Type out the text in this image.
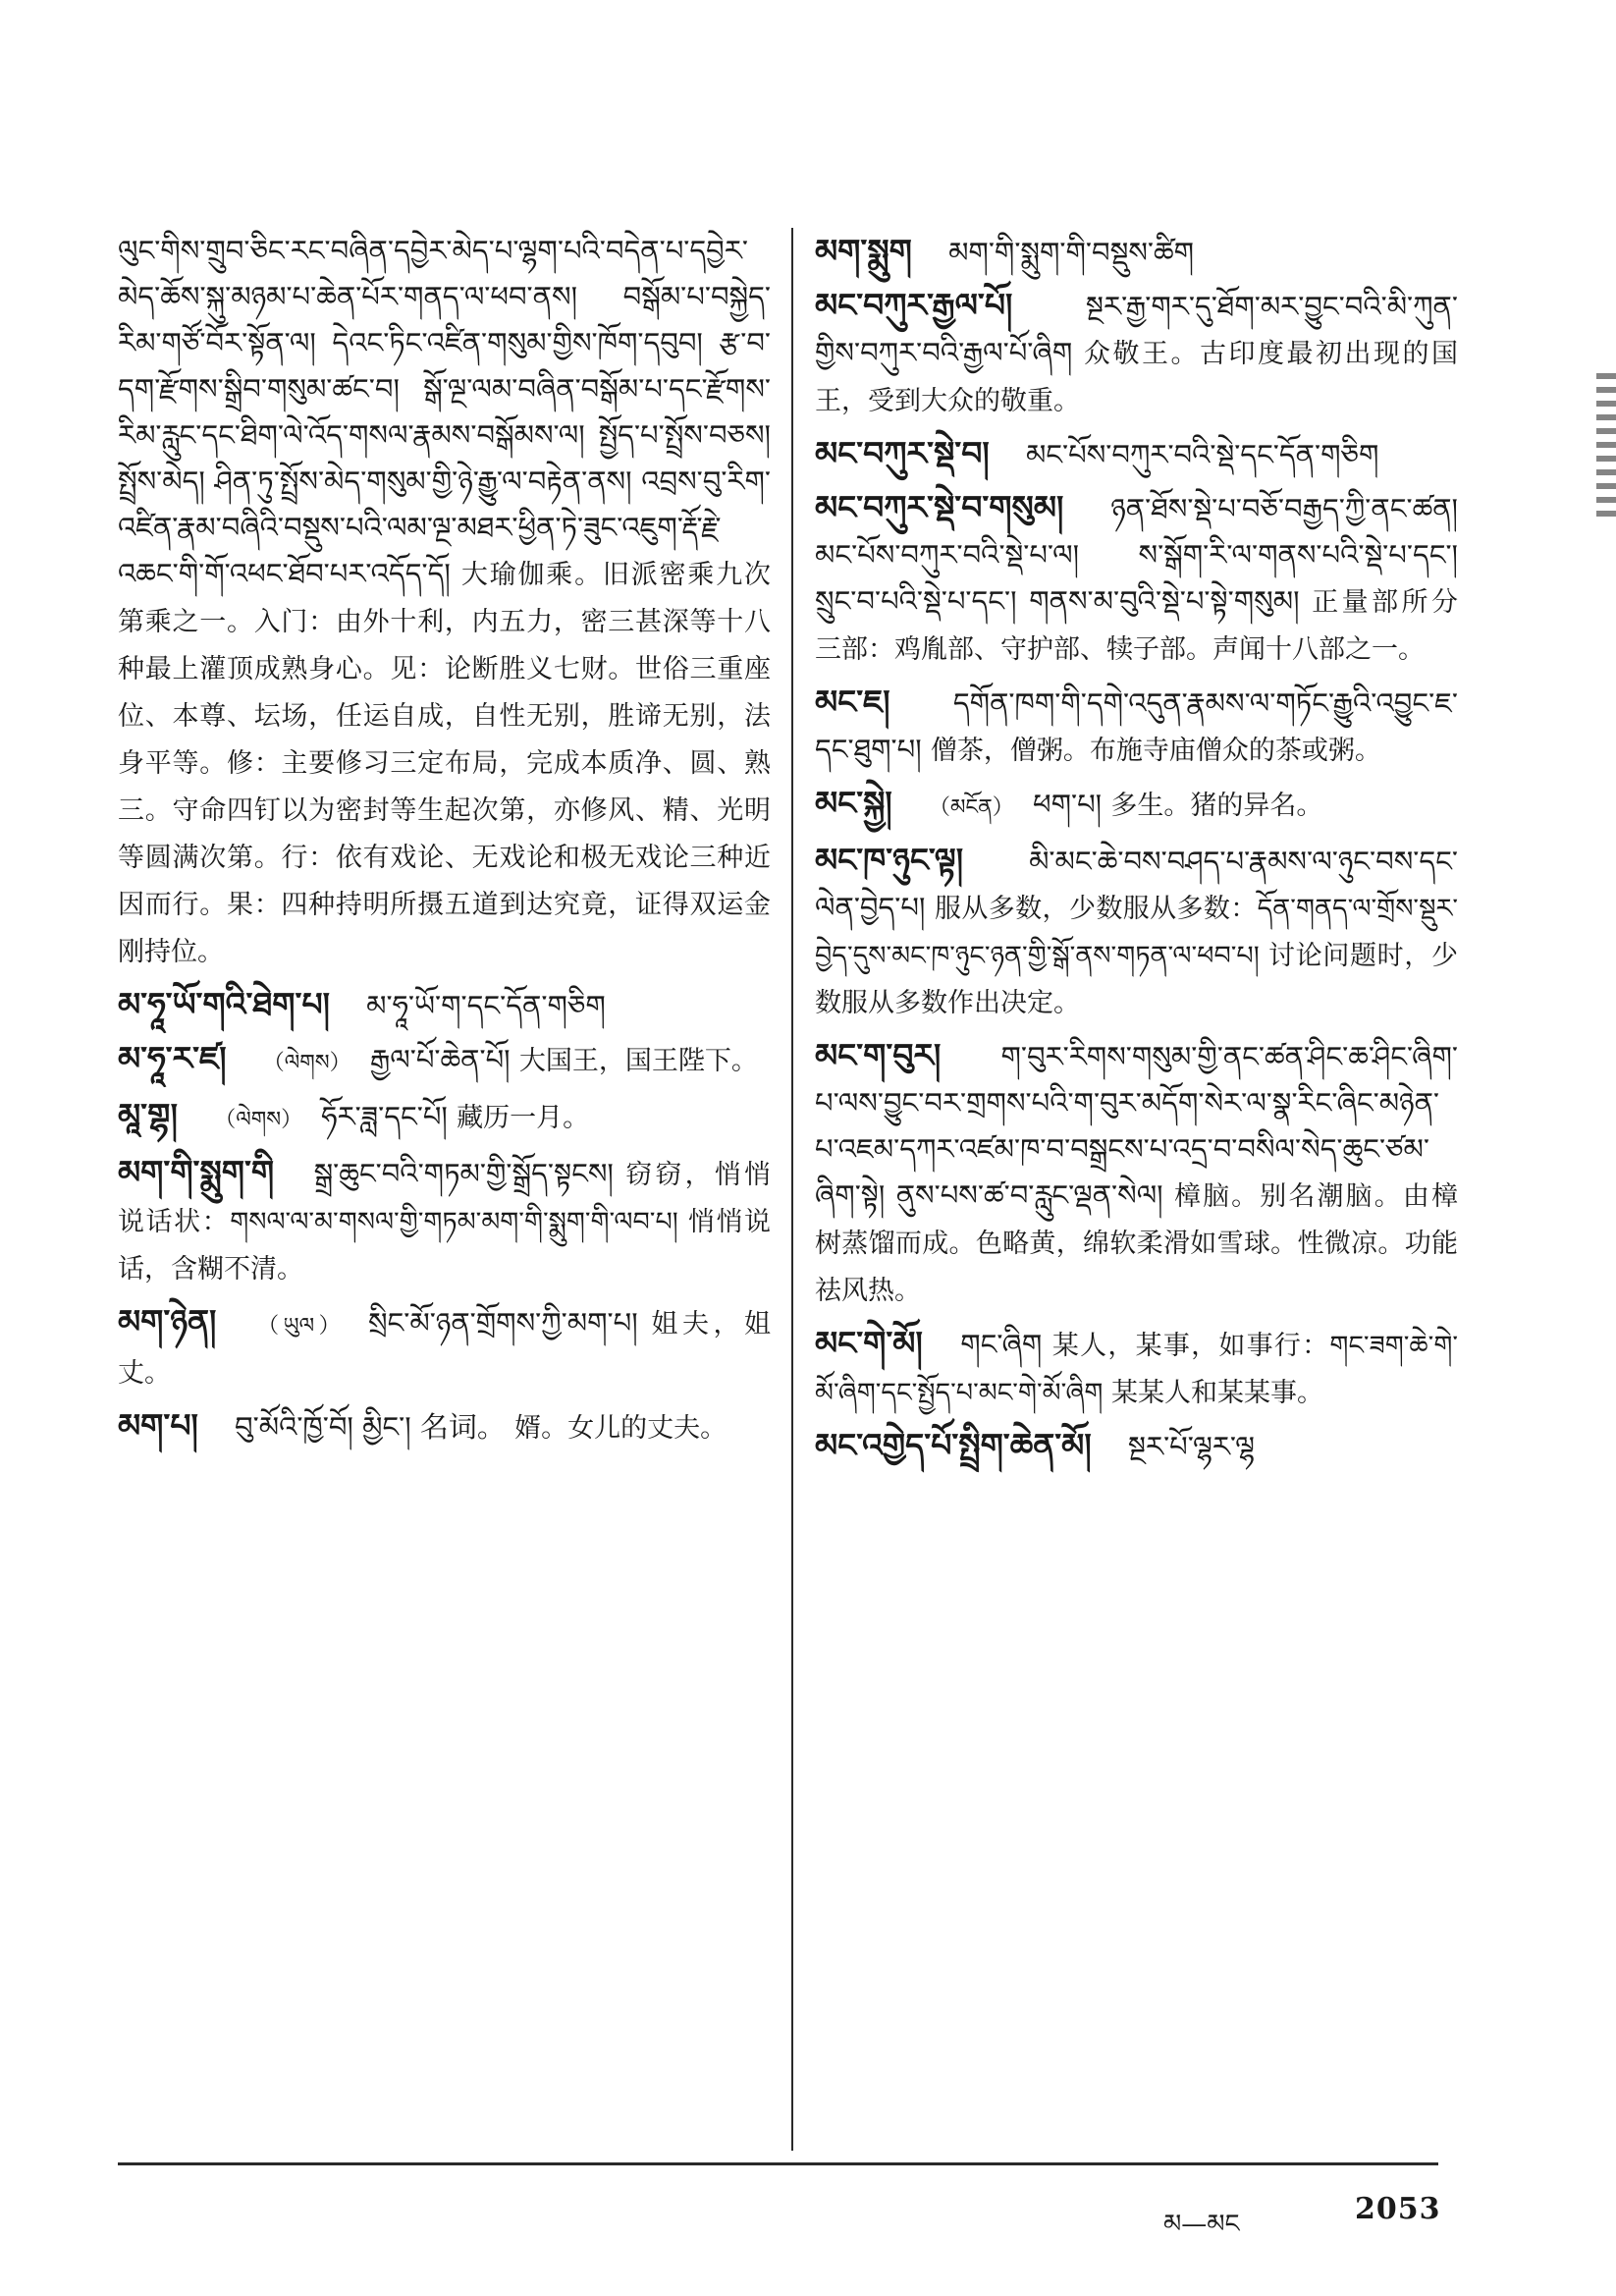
ལུང་གིས་གྲུབ་ཅིང་རང་བཞིན་དབྱེར་མེད་པ་ལྷག་པའི་བདེན་པ་དབྱེར་མེད་ཆོས་སྐུ་མཉམ་པ་ཆེན་པོར་གནད་ལ་ཕབ་ནས། བསྒོམ་པ་བསྐྱེད་རིམ་གཙོ་བོར་སྟོན་ལ། དེའང་ཏིང་འཛིན་གསུམ་གྱིས་ཁོག་དབུབ། རྩ་བ་དག་རྫོགས་སྒྲིབ་གསུམ་ཚང་བ། སྒོ་ལྔ་ལམ་བཞིན་བསྒོམ་པ་དང་རྫོགས་རིམ་རླུང་དང་ཐིག་ལེ་འོད་གསལ་རྣམས་བསྒོམས་ལ། སྤྱོད་པ་སྤྲོས་བཅས། སྤྲོས་མེད། ཤིན་ཏུ་སྤྲོས་མེད་གསུམ་གྱི་ཉེ་རྒྱུ་ལ་བརྟེན་ནས། འབྲས་བུ་རིག་འཛིན་རྣམ་བཞིའི་བསྡུས་པའི་ལམ་ལྔ་མཐར་ཕྱིན་ཏེ་ཟུང་འཇུག་རྡོ་རྗེ་འཆང་གི་གོ་འཕང་ཐོབ་པར་འདོད་དོ། 大瑜伽乘。旧派密乘九次第乘之一。入门：由外十利，内五力，密三甚深等十八种最上灌顶成熟身心。见：论断胜义七财。世俗三重座位、本尊、坛场，任运自成，自性无别，胜谛无别，法身平等。修：主要修习三定布局，完成本质净、圆、熟三。守命四钉以为密封等生起次第，亦修风、精、光明等圆满次第。行：依有戏论、无戏论和极无戏论三种近因而行。果：四种持明所摄五道到达究竟，证得双运金刚持位。
མ་ཧཱ་ཡོ་གའི་ཐེག་པ། མ་ཧཱ་ཡོ་ག་དང་དོན་གཅིག
མ་ཧཱ་ར་ཛ། （ལེགས） རྒྱལ་པོ་ཆེན་པོ། 大国王，国王陛下。
མཱ་གྷ། （ལེགས） ཧོར་ཟླ་དང་པོ། 藏历一月。
མག་གི་སྨུག་གི སྒྲ་ཆུང་བའི་གཏམ་གྱི་སྒྲོད་སྟངས། 窃窃，悄悄说话状：གསལ་ལ་མ་གསལ་གྱི་གཏམ་མག་གི་སྨུག་གི་ལབ་པ། 悄悄说话，含糊不清。
མག་ཉེན། （ཡུལ） སྲིང་མོ་ཉན་གྲོགས་ཀྱི་མག་པ། 姐夫，姐丈。
མག་པ། བུ་མོའི་ཁྱོ་བོ། མྱིང་། 名词。 婿。女儿的丈夫。
མག་སྨུག མག་གི་སྨུག་གི་བསྡུས་ཚིག
མང་བཀུར་རྒྱལ་པོ།	སྔར་རྒྱ་གར་དུ་ཐོག་མར་བྱུང་བའི་མི་ཀུན་གྱིས་བཀུར་བའི་རྒྱལ་པོ་ཞིག 众敬王。古印度最初出现的国王，受到大众的敬重。
མང་བཀུར་སྡེ་བ། མང་པོས་བཀུར་བའི་སྡེ་དང་དོན་གཅིག
མང་བཀུར་སྡེ་བ་གསུམ། ཉན་ཐོས་སྡེ་པ་བཅོ་བརྒྱད་ཀྱི་ནང་ཚན། མང་པོས་བཀུར་བའི་སྡེ་པ་ལ། ས་སྒོག་རི་ལ་གནས་པའི་སྡེ་པ་དང་། སྲུང་བ་པའི་སྡེ་པ་དང་། གནས་མ་བུའི་སྡེ་པ་སྟེ་གསུམ། 正量部所分三部：鸡胤部、守护部、犊子部。声闻十八部之一。
མང་ཇ། དགོན་ཁག་གི་དགེ་འདུན་རྣམས་ལ་གཏོང་རྒྱུའི་འབྱུང་ཇ་དང་ཐུག་པ། 僧茶，僧粥。布施寺庙僧众的茶或粥。
མང་སྐྱེ། （མངོན） ཕག་པ། 多生。猪的异名。
མང་ཁ་ཉུང་ལྟ། མི་མང་ཆེ་བས་བཤད་པ་རྣམས་ལ་ཉུང་བས་དང་ལེན་བྱེད་པ། 服从多数，少数服从多数：དོན་གནད་ལ་གྲོས་སྡུར་བྱེད་དུས་མང་ཁ་ཉུང་ཉན་གྱི་སྒོ་ནས་གཏན་ལ་ཕབ་པ། 讨论问题时，少数服从多数作出决定。
མང་ག་བུར། ག་བུར་རིགས་གསུམ་གྱི་ནང་ཚན་ཤིང་ཆ་ཤིང་ཞིག་པ་ལས་བྱུང་བར་གྲགས་པའི་ག་བུར་མདོག་སེར་ལ་སྣ་རིང་ཞིང་མཉེན་པ་འཇམ་དཀར་འཛམ་ཁ་བ་བསྒྲངས་པ་འདྲ་བ་བསིལ་སེད་ཆུང་ཙམ་ཞིག་སྟེ། ནུས་པས་ཚ་བ་རླུང་ལྡན་སེལ། 樟脑。别名潮脑。由樟树蒸馏而成。色略黄，绵软柔滑如雪球。性微凉。功能祛风热。
མང་གེ་མོ། གང་ཞིག 某人，某事，如事行：གང་ཟག་ཆེ་གེ་མོ་ཞིག་དང་སྤྱོད་པ་མང་གེ་མོ་ཞིག 某某人和某某事。
མང་འགྱེད་པོ་སྤྲིག་ཆེན་མོ། སྔར་པོ་ལྷར་ལྷ
མ—མང	2053
